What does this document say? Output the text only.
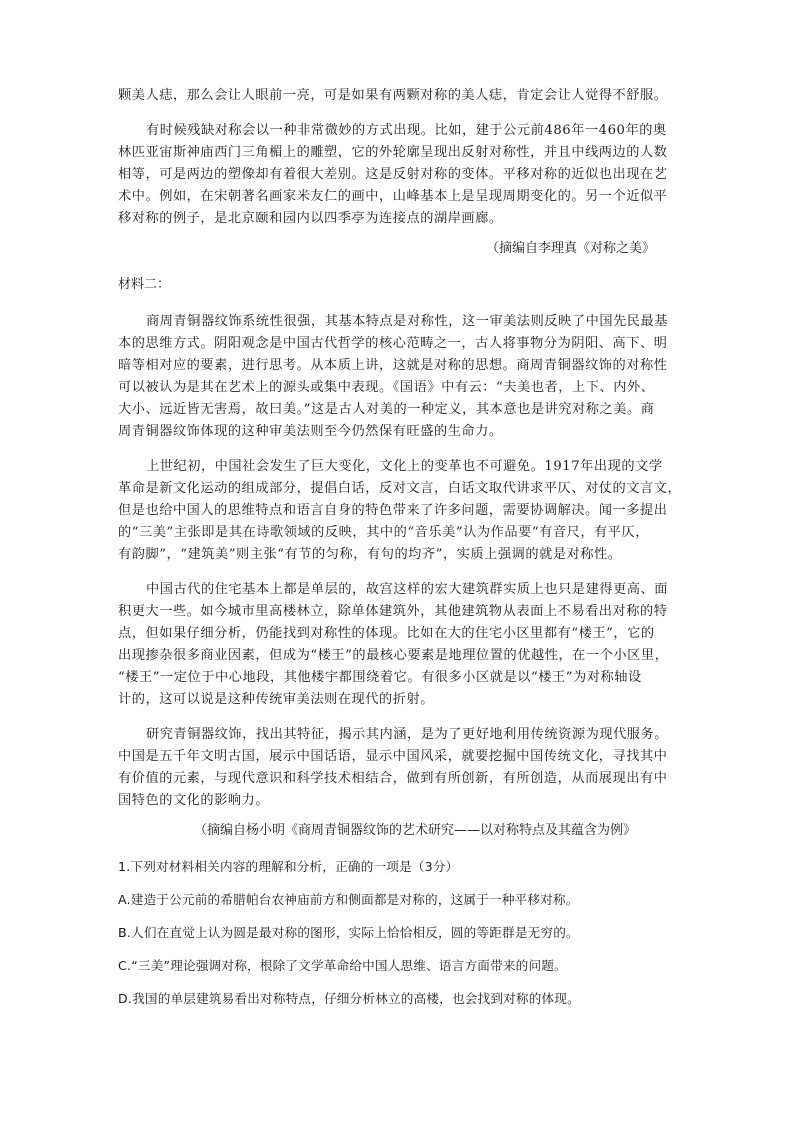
颗美人痣，那么会让人眼前一亮，可是如果有两颗对称的美人痣，肯定会让人觉得不舒服。
有时候残缺对称会以一种非常微妙的方式出现。比如，建于公元前486年一460年的奥
林匹亚宙斯神庙西门三角楣上的雕塑，它的外轮廓呈现出反射对称性，并且中线两边的人数
相等，可是两边的塑像却有着很大差别。这是反射对称的变体。平移对称的近似也出现在艺
术中。例如，在宋朝著名画家米友仁的画中，山峰基本上是呈现周期变化的。另一个近似平
移对称的例子，是北京颐和园内以四季亭为连接点的湖岸画廊。
（摘编自李理真《对称之美》
材料二：
商周青铜器纹饰系统性很强，其基本特点是对称性，这一审美法则反映了中国先民最基
本的思维方式。阴阳观念是中国古代哲学的核心范畴之一，古人将事物分为阴阳、高下、明
暗等相对应的要素，进行思考。从本质上讲，这就是对称的思想。商周青铜器纹饰的对称性
可以被认为是其在艺术上的源头或集中表现。《国语》中有云：“夫美也者，上下、内外、
大小、远近皆无害焉，故曰美。”这是古人对美的一种定义，其本意也是讲究对称之美。商
周青铜器纹饰体现的这种审美法则至今仍然保有旺盛的生命力。
上世纪初，中国社会发生了巨大变化，文化上的变革也不可避免。1917年出现的文学
革命是新文化运动的组成部分，提倡白话，反对文言，白话文取代讲求平仄、对仗的文言文，
但是也给中国人的思维特点和语言自身的特色带来了许多问题，需要协调解决。闻一多提出
的“三美”主张即是其在诗歌领域的反映，其中的“音乐美”认为作品要“有音尺，有平仄，
有韵脚”，“建筑美”则主张“有节的匀称，有句的均齐”，实质上强调的就是对称性。
中国古代的住宅基本上都是单层的，故宫这样的宏大建筑群实质上也只是建得更高、面
积更大一些。如今城市里高楼林立，除单体建筑外，其他建筑物从表面上不易看出对称的特
点，但如果仔细分析，仍能找到对称性的体现。比如在大的住宅小区里都有“楼王”，它的
出现掺杂很多商业因素，但成为“楼王”的最核心要素是地理位置的优越性，在一个小区里，
“楼王”一定位于中心地段，其他楼宇都围绕着它。有很多小区就是以“楼王”为对称轴设
计的，这可以说是这种传统审美法则在现代的折射。
研究青铜器纹饰，找出其特征，揭示其内涵，是为了更好地利用传统资源为现代服务。
中国是五千年文明古国，展示中国话语，显示中国风采，就要挖掘中国传统文化，寻找其中
有价值的元素，与现代意识和科学技术相结合，做到有所创新，有所创造，从而展现出有中
国特色的文化的影响力。
（摘编自杨小明《商周青铜器纹饰的艺术研究——以对称特点及其蕴含为例》
1.下列对材料相关内容的理解和分析，正确的一项是（3分）
A.建造于公元前的希腊帕台农神庙前方和侧面都是对称的，这属于一种平移对称。
B.人们在直觉上认为圆是最对称的图形，实际上恰恰相反，圆的等距群是无穷的。
C.“三美”理论强调对称，根除了文学革命给中国人思维、语言方面带来的问题。
D.我国的单层建筑易看出对称特点，仔细分析林立的高楼，也会找到对称的体现。
